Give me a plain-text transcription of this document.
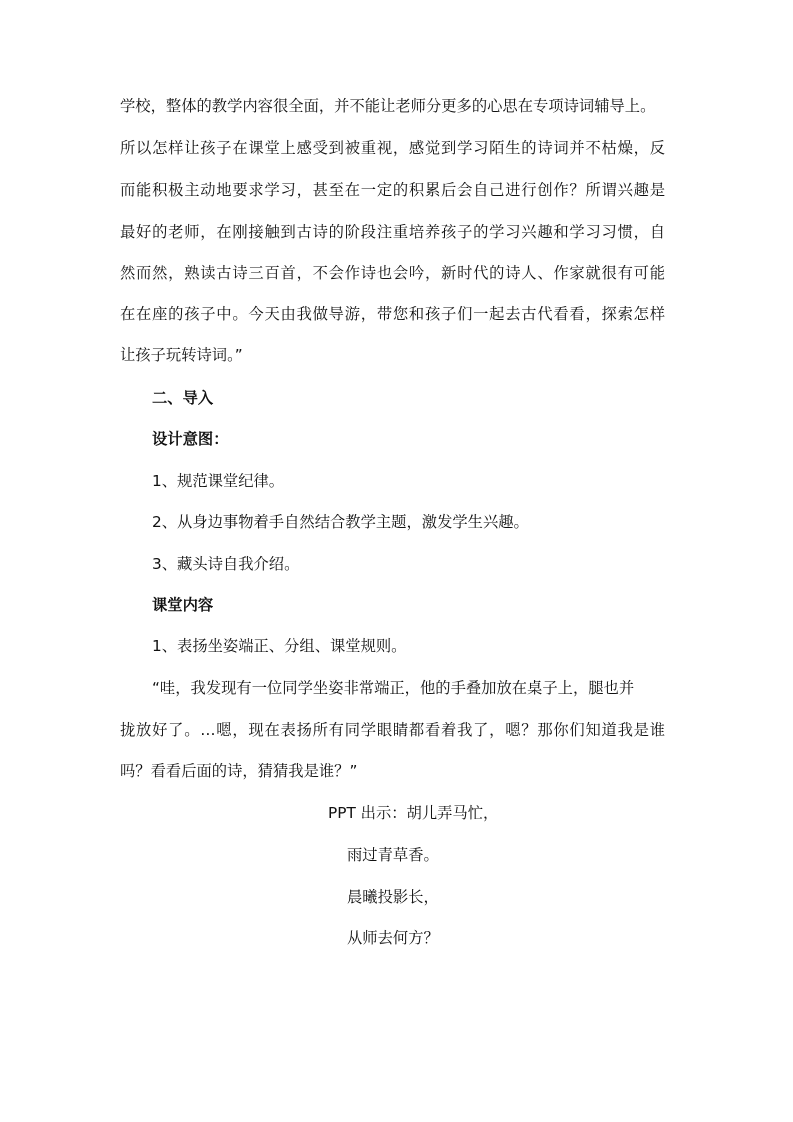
学校，整体的教学内容很全面，并不能让老师分更多的心思在专项诗词辅导上。
所以怎样让孩子在课堂上感受到被重视，感觉到学习陌生的诗词并不枯燥，反
而能积极主动地要求学习，甚至在一定的积累后会自己进行创作？所谓兴趣是
最好的老师，在刚接触到古诗的阶段注重培养孩子的学习兴趣和学习习惯，自
然而然，熟读古诗三百首，不会作诗也会吟，新时代的诗人、作家就很有可能
在在座的孩子中。今天由我做导游，带您和孩子们一起去古代看看，探索怎样
让孩子玩转诗词。”
二、导入
设计意图：
1、规范课堂纪律。
2、从身边事物着手自然结合教学主题，激发学生兴趣。
3、藏头诗自我介绍。
课堂内容
1、表扬坐姿端正、分组、课堂规则。
“哇，我发现有一位同学坐姿非常端正，他的手叠加放在桌子上，腿也并
拢放好了。…嗯，现在表扬所有同学眼睛都看着我了，嗯？那你们知道我是谁
吗？看看后面的诗，猜猜我是谁？”
PPT 出示：胡儿弄马忙，
雨过青草香。
晨曦投影长，
从师去何方？
